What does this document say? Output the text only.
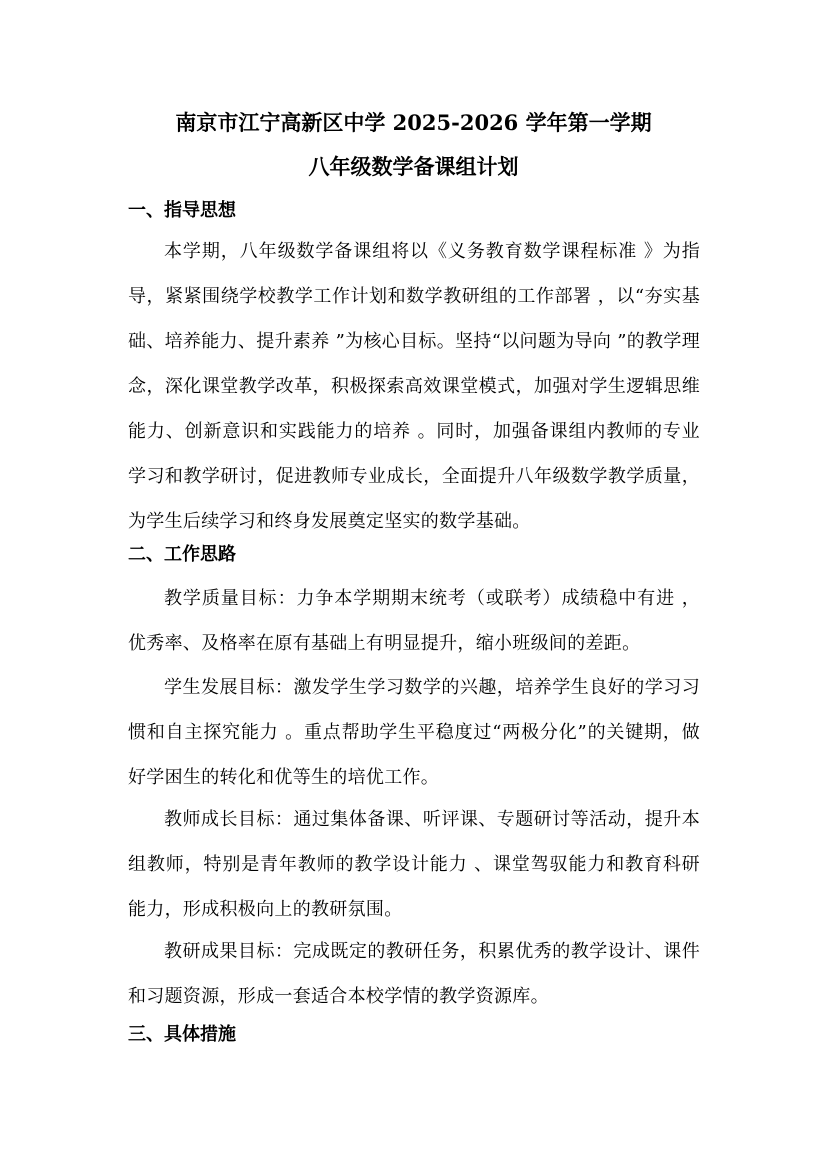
南京市江宁高新区中学 2025-2026 学年第一学期
八年级数学备课组计划
一、指导思想
本学期，八年级数学备课组将以《义务教育数学课程标准 》为指导，紧紧围绕学校教学工作计划和数学教研组的工作部署 ，以“夯实基础、培养能力、提升素养 ”为核心目标。坚持“以问题为导向 ”的教学理念，深化课堂教学改革，积极探索高效课堂模式，加强对学生逻辑思维能力、创新意识和实践能力的培养 。同时，加强备课组内教师的专业学习和教学研讨，促进教师专业成长，全面提升八年级数学教学质量，为学生后续学习和终身发展奠定坚实的数学基础。
二、工作思路
教学质量目标：力争本学期期末统考（或联考）成绩稳中有进 ，优秀率、及格率在原有基础上有明显提升，缩小班级间的差距。
学生发展目标：激发学生学习数学的兴趣，培养学生良好的学习习惯和自主探究能力 。重点帮助学生平稳度过“两极分化”的关键期，做好学困生的转化和优等生的培优工作。
教师成长目标：通过集体备课、听评课、专题研讨等活动，提升本组教师，特别是青年教师的教学设计能力 、课堂驾驭能力和教育科研能力，形成积极向上的教研氛围。
教研成果目标：完成既定的教研任务，积累优秀的教学设计、课件和习题资源，形成一套适合本校学情的教学资源库。
三、具体措施
